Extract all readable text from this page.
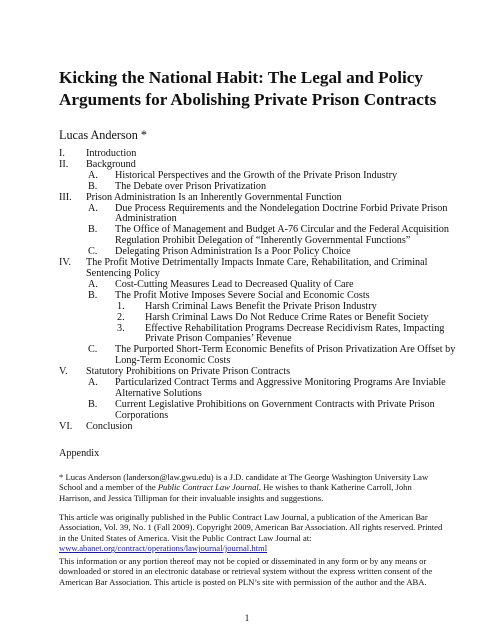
Kicking the National Habit: The Legal and Policy
Arguments for Abolishing Private Prison Contracts
Lucas Anderson *
I. Introduction
II. Background
A. Historical Perspectives and the Growth of the Private Prison Industry
B. The Debate over Prison Privatization
III. Prison Administration Is an Inherently Governmental Function
A. Due Process Requirements and the Nondelegation Doctrine Forbid Private Prison Administration
B. The Office of Management and Budget A-76 Circular and the Federal Acquisition Regulation Prohibit Delegation of “Inherently Governmental Functions”
C. Delegating Prison Administration Is a Poor Policy Choice
IV. The Profit Motive Detrimentally Impacts Inmate Care, Rehabilitation, and Criminal Sentencing Policy
A. Cost-Cutting Measures Lead to Decreased Quality of Care
B. The Profit Motive Imposes Severe Social and Economic Costs
1. Harsh Criminal Laws Benefit the Private Prison Industry
2. Harsh Criminal Laws Do Not Reduce Crime Rates or Benefit Society
3. Effective Rehabilitation Programs Decrease Recidivism Rates, Impacting Private Prison Companies’ Revenue
C. The Purported Short-Term Economic Benefits of Prison Privatization Are Offset by Long-Term Economic Costs
V. Statutory Prohibitions on Private Prison Contracts
A. Particularized Contract Terms and Aggressive Monitoring Programs Are Inviable Alternative Solutions
B. Current Legislative Prohibitions on Government Contracts with Private Prison Corporations
VI. Conclusion
Appendix

* Lucas Anderson (landerson@law.gwu.edu) is a J.D. candidate at The George Washington University Law School and a member of the Public Contract Law Journal. He wishes to thank Katherine Carroll, John Harrison, and Jessica Tillipman for their invaluable insights and suggestions.

This article was originally published in the Public Contract Law Journal, a publication of the American Bar Association, Vol. 39, No. 1 (Fall 2009). Copyright 2009, American Bar Association. All rights reserved. Printed in the United States of America. Visit the Public Contract Law Journal at:
www.abanet.org/contract/operations/lawjournal/journal.html

This information or any portion thereof may not be copied or disseminated in any form or by any means or downloaded or stored in an electronic database or retrieval system without the express written consent of the American Bar Association. This article is posted on PLN’s site with permission of the author and the ABA.

1
